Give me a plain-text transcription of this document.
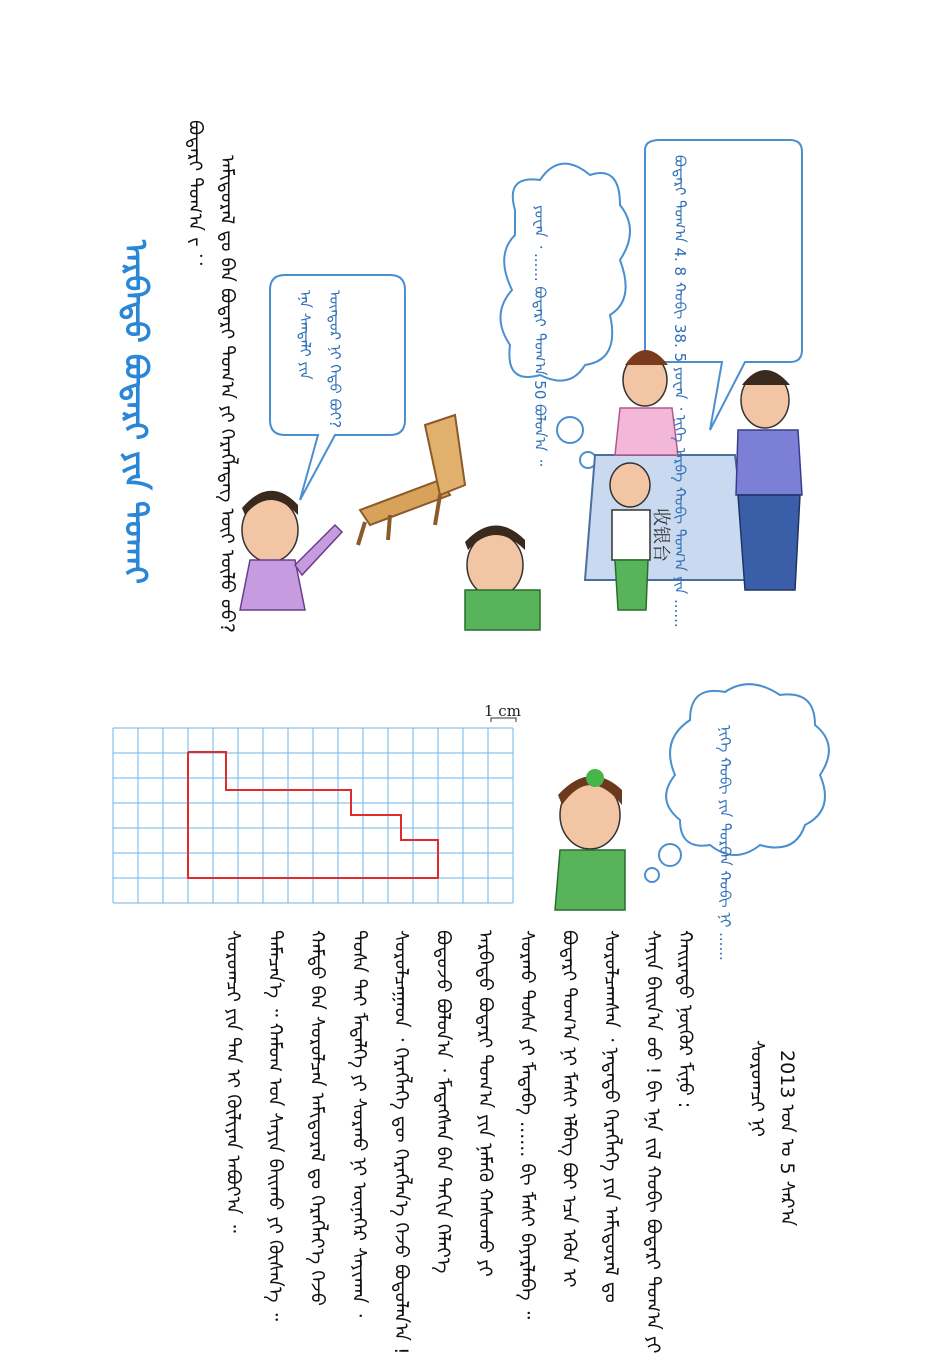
ᠠᠷᠪᠠᠲᠤ ᠪᠤᠳᠠᠷᠢ ᠶᠢᠨ ᠲᠤᠬᠠᠢ	ᠠᠮᠢᠳᠤᠷᠠᠯ ᠳᠤ ᠪᠠᠨ ᠪᠤᠳᠠᠷᠢ ᠲᠤᠭ᠎ᠠ ᠶᠢ ᠬᠡᠷᠡᠭᠯᠡᠳᠡᠭ ᠦᠢ ᠦᠯᠦ ᠦᠦ?
ᠪᠤᠳᠠᠷᠢ ᠲᠤᠭ᠎ᠠ ᠵ ：
ᠡᠨᠡ ᠰᠠᠨᠳᠠᠯᠢ ᠶᠢᠨ ᠦᠨᠳᠦᠷ ᠨᠢ ᠬᠡᠳᠦ ᠪᠤᠢ?
收银台
ᠪᠤᠳᠠᠷᠢ ᠲᠤᠭ᠎ᠠ 4. 8
ᠬᠤᠪᠢ 38. 5 ᠶᠤᠸᠠᠨ ᠂ ᠨᠢᠭᠡ
ᠠᠷᠪᠠ ᠬᠤᠪᠢ ᠲᠤᠭ᠎ᠠ ᠶᠢᠨ ......
ᠶᠤᠸᠠᠨ ᠂ ...... ᠪᠤᠳᠠᠷᠢ
ᠲᠤᠭ᠎ᠠ 50 ᠪᠤᠯᠤᠨ᠎ᠠ ᠃
1 cm
ᠨᠢᠭᠡ ᠬᠤᠪᠢ ᠶᠢᠨ
ᠳᠤᠷᠪᠡᠨ ᠬᠤᠪᠢ ᠨᠢ ......
ᠰᠠᠶᠢᠨ ᠪᠠᠢᠨ᠎ᠠ ᠤᠤ ! ᠪᠢ ᠡᠨᠡ ᠵᠢᠯ ᠬᠤᠪᠢ ᠪᠤᠳᠠᠷᠢ ᠲᠤᠭ᠎ᠠ ᠶᠢ
ᠰᠤᠷᠤᠯᠴᠠᠭᠰᠠᠨ ᠂ ᠨᠠᠳᠠᠳᠤ ᠬᠡᠷᠡᠭᠯᠡᠭᠡ ᠶᠢᠨ ᠠᠮᠢᠳᠤᠷᠠᠯ ᠳᠤ
ᠪᠤᠳᠠᠷᠢ ᠲᠤᠭ᠎ᠠ ᠨᠢ ᠮᠠᠰᠢ ᠡᠯᠪᠡᠭ ᠪᠤᠢ ᠡᠴᠡ ᠡᠭᠦᠨ ᠢ
ᠰᠤᠷᠬᠤ ᠲᠤᠰᠠ ᠶᠢ ᠮᠡᠳᠡᠪᠡ ...... ᠪᠢ ᠮᠠᠰᠢ ᠪᠠᠶᠠᠷᠯᠠᠪᠠ ᠃
ᠠᠷᠪᠠᠲᠤ ᠪᠤᠳᠠᠷᠢ ᠲᠤᠭ᠎ᠠ ᠶᠢᠨ ᠨᠡᠮᠡᠬᠦ ᠬᠠᠰᠤᠬᠤ ᠶᠢ
ᠪᠤᠳᠤᠵᠤ ᠪᠤᠯᠤᠨ᠎ᠠ ᠂ ᠮᠡᠳᠡᠭᠰᠡᠨ ᠪᠠᠨ ᠳᠠᠬᠢᠨ ᠬᠡᠯᠡᠶ᠎ᠡ
ᠰᠤᠷᠤᠯᠴᠠᠭᠠᠳ ᠂ ᠬᠡᠷᠡᠭᠯᠡᠭᠡ ᠳᠦ ᠬᠡᠷᠡᠭᠯᠡᠨ᠎ᠡ ᠭᠡᠵᠦ ᠪᠤᠳᠤᠯᠠᠨ᠎ᠠ !
ᠲᠤᠰᠠ ᠲᠠᠢ ᠮᠡᠳᠡᠯᠭᠡ ᠶᠢ ᠰᠤᠷᠬᠤ ᠨᠢ ᠦᠨᠡᠬᠡᠷ ᠰᠠᠶᠢᠬᠠᠨ ᠂
ᠬᠠᠮᠲᠤ ᠪᠡᠨ ᠰᠤᠷᠤᠯᠴᠠᠨ ᠠᠮᠢᠳᠤᠷᠠᠯ ᠳᠤ ᠬᠡᠷᠡᠭᠯᠡᠶ᠎ᠡ ᠭᠡᠵᠦ
ᠲᠡᠮᠡᠴᠡᠨ᠎ᠡ ᠃ ᠬᠠᠮᠤᠭ ᠤᠨ ᠰᠠᠶᠢᠨ ᠪᠠᠢᠬᠤ ᠶᠢ ᠬᠦᠰᠡᠨ᠎ᠡ ᠃
ᠰᠤᠷᠤᠭᠴᠢ ᠶᠢᠨ ᠲᠠᠨ ᠢ ᠬᠦᠯᠢᠶᠡᠨ ᠠᠪᠤᠶ᠎ᠠ ᠃	ᠬᠠᠢᠷᠠᠲᠤ ᠨᠥᠬᠦᠷ ᠮᠢᠨᠤ :	ᠰᠤᠷᠤᠭᠴᠢ ᠨᠢ 2013 ᠣᠨ ᠤ 5 ᠰᠠᠷ᠎ᠠ
